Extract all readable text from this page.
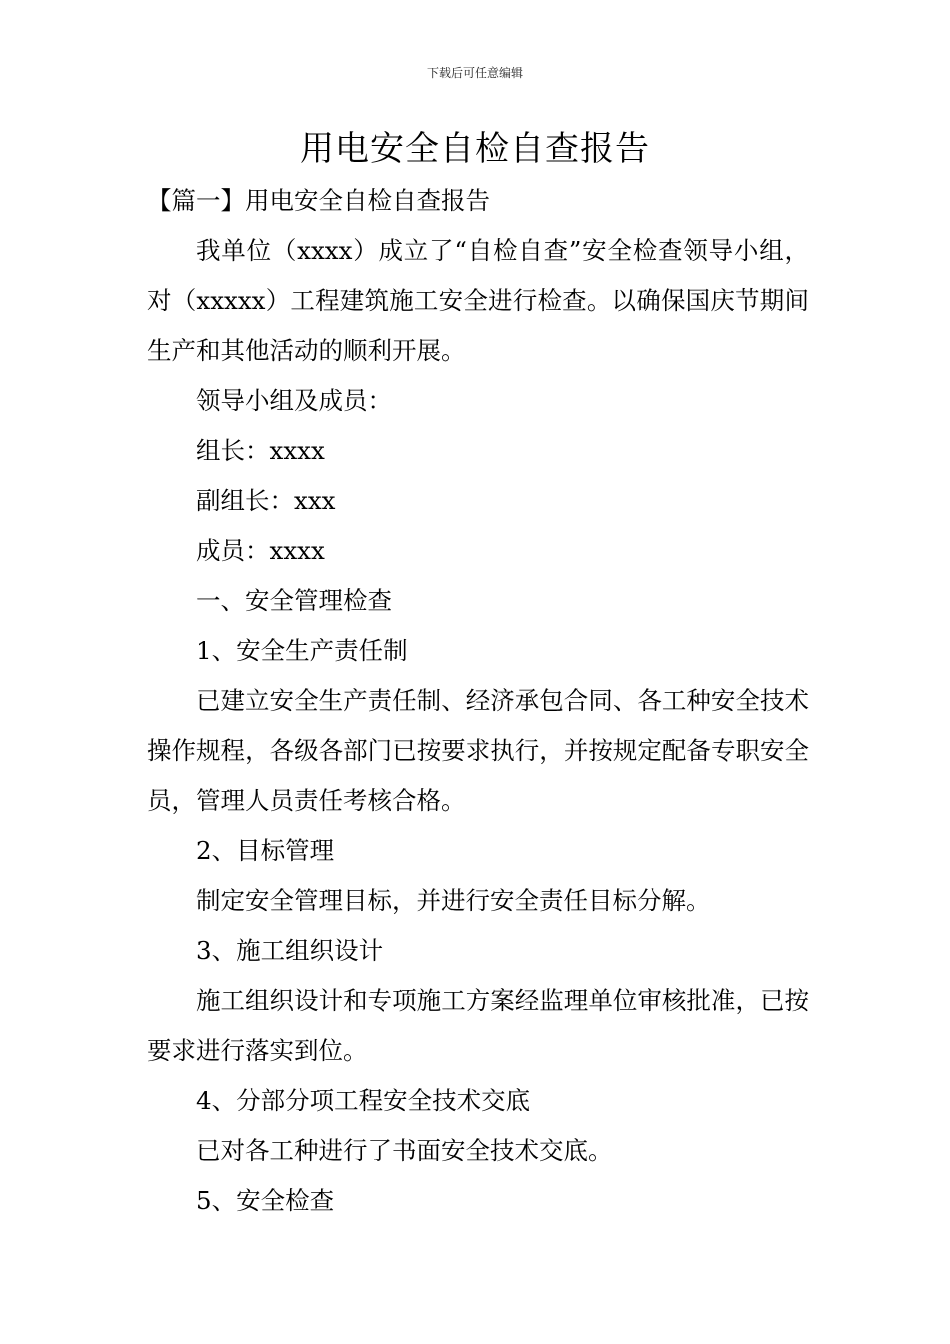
下载后可任意编辑
用电安全自检自查报告
【篇一】用电安全自检自查报告
我单位（xxxx）成立了“自检自查”安全检查领导小组，对（xxxxx）工程建筑施工安全进行检查。以确保国庆节期间生产和其他活动的顺利开展。
领导小组及成员：
组长：xxxx
副组长：xxx
成员：xxxx
一、安全管理检查
1、安全生产责任制
已建立安全生产责任制、经济承包合同、各工种安全技术操作规程，各级各部门已按要求执行，并按规定配备专职安全员，管理人员责任考核合格。
2、目标管理
制定安全管理目标，并进行安全责任目标分解。
3、施工组织设计
施工组织设计和专项施工方案经监理单位审核批准，已按要求进行落实到位。
4、分部分项工程安全技术交底
已对各工种进行了书面安全技术交底。
5、安全检查
